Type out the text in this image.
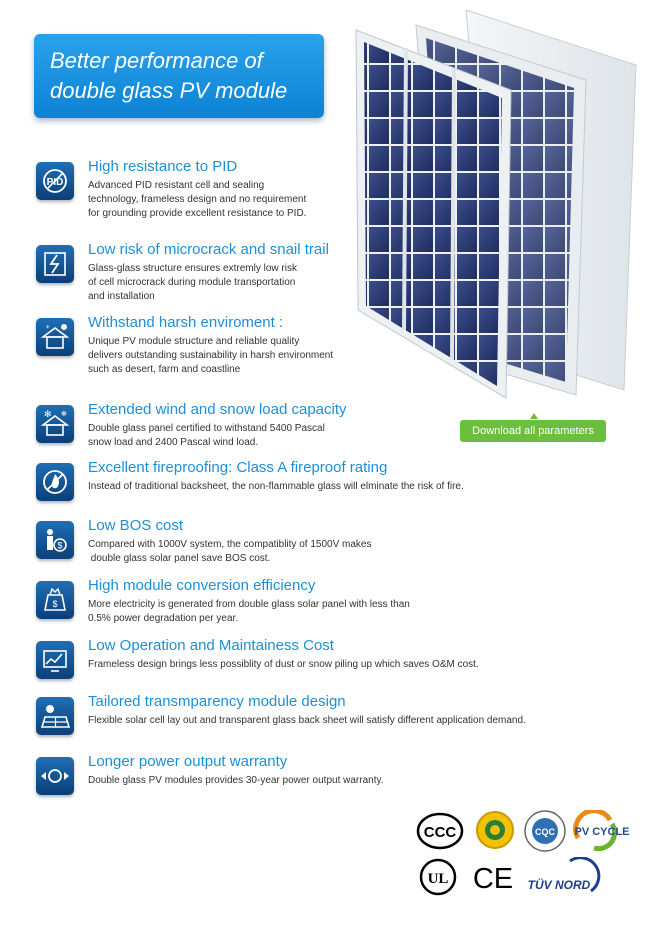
Better performance of
double glass PV module
Download all parameters
PID
High resistance to PID
Advanced PID resistant cell and sealing
technology, frameless design and no requirement
for grounding provide excellent resistance to PID.
Low risk of microcrack and snail trail
Glass-glass structure ensures extremly low risk
of cell microcrack during module transportation
and installation
*	Withstand harsh enviroment :
Unique PV module structure and reliable quality
delivers outstanding sustainability in harsh environment
such as desert, farm and coastline
✻ ✻ Extended wind and snow load capacity
Double glass panel certified to withstand 5400 Pascal
snow load and 2400 Pascal wind load.
Excellent fireproofing: Class A fireproof rating
Instead of traditional backsheet, the non-flammable glass will elminate the risk of fire.
$
Low BOS cost
Compared with 1000V system, the compatiblity of 1500V makes
double glass solar panel save BOS cost.
$
High module conversion efficiency
More electricity is generated from double glass solar panel with less than
0.5% power degradation per year.
Low Operation and Maintainess Cost
Frameless design brings less possiblity of dust or snow piling up which saves O&M cost.
Tailored transmparency module design
Flexible solar cell lay out and transparent glass back sheet will satisfy different application demand.
Longer power output warranty
Double glass PV modules provides 30-year power output warranty.
CCC	CQC PV CYCLE
UL CE TÜV NORD
